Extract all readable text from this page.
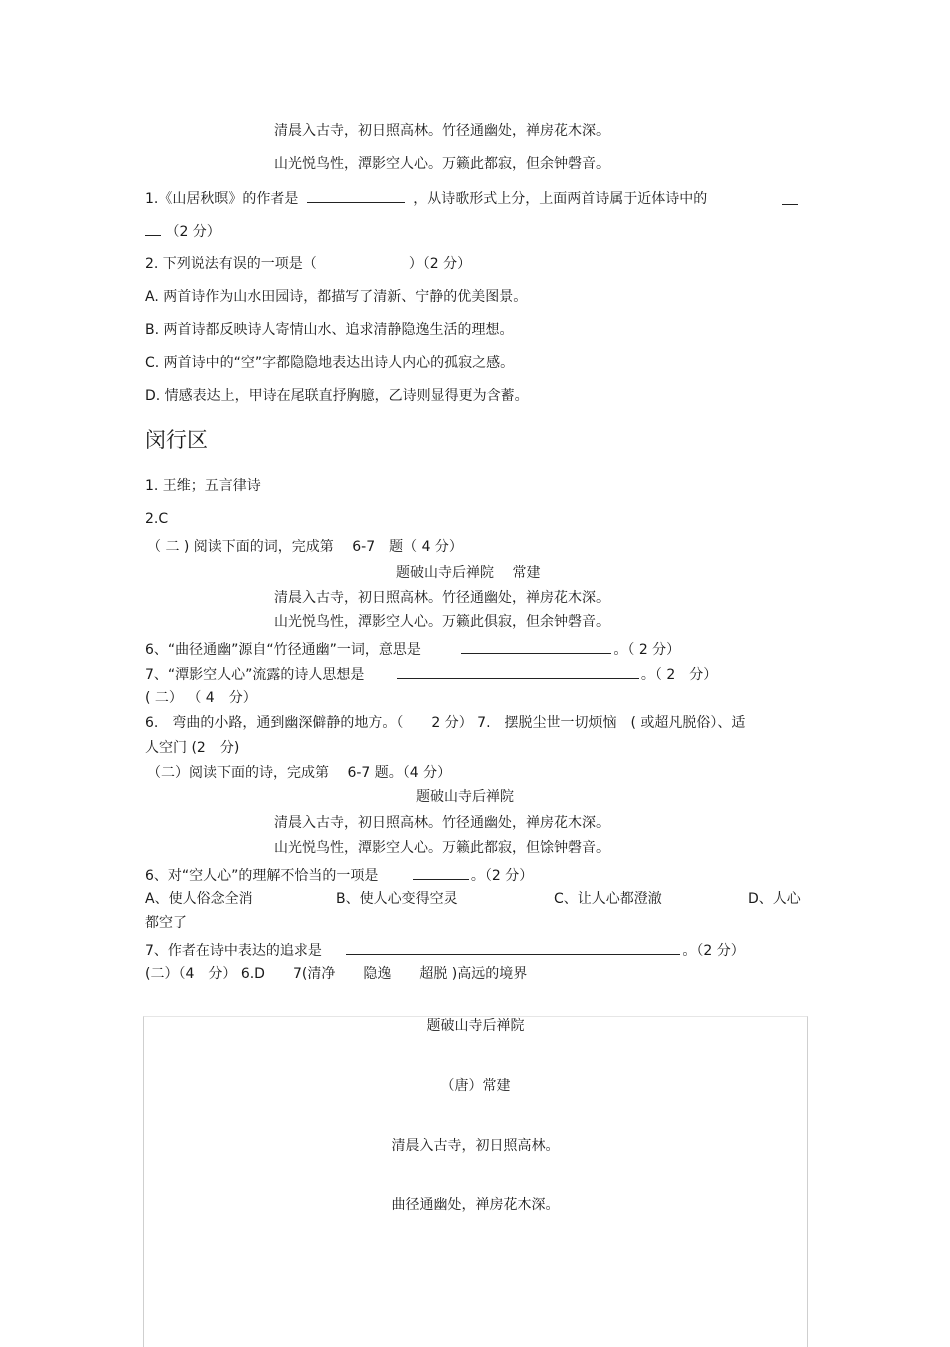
清晨入古寺，初日照高林。竹径通幽处，禅房花木深。
山光悦鸟性，潭影空人心。万籁此都寂，但余钟磬音。
1.《山居秋暝》的作者是	，从诗歌形式上分，上面两首诗属于近体诗中的
（2 分）
2. 下列说法有误的一项是（	）（2 分）
A. 两首诗作为山水田园诗，都描写了清新、宁静的优美图景。
B. 两首诗都反映诗人寄情山水、追求清静隐逸生活的理想。
C. 两首诗中的“空”字都隐隐地表达出诗人内心的孤寂之感。
D. 情感表达上，甲诗在尾联直抒胸臆，乙诗则显得更为含蓄。
闵行区
1. 王维；五言律诗
2.C
（ 二 ) 阅读下面的词，完成第　 6-7　题（ 4 分）
题破山寺后禅院　 常建
清晨入古寺，初日照高林。竹径通幽处，禅房花木深。
山光悦鸟性，潭影空人心。万籁此俱寂，但余钟磬音。
6、“曲径通幽”源自“竹径通幽”一词，意思是	。（ 2 分）
7、“潭影空人心”流露的诗人思想是	。（ 2　分）
( 二） （ 4　分）
6.　弯曲的小路，通到幽深僻静的地方。（　　2 分） 7.　摆脱尘世一切烦恼　( 或超凡脱俗）、适
人空门 (2　分)
（二）阅读下面的诗，完成第　 6-7 题。（4 分）
题破山寺后禅院
清晨入古寺，初日照高林。竹径通幽处，禅房花木深。
山光悦鸟性，潭影空人心。万籁此都寂，但馀钟磬音。
6、对“空人心”的理解不恰当的一项是	。（2 分）
A、使人俗念全消	B、使人心变得空灵	C、让人心都澄澈	D、人心
都空了
7、作者在诗中表达的追求是	。（2 分）
(二）（4　分） 6.D　　7(清净　　隐逸　　超脱 )高远的境界
题破山寺后禅院
（唐）常建
清晨入古寺，初日照高林。
曲径通幽处，禅房花木深。
